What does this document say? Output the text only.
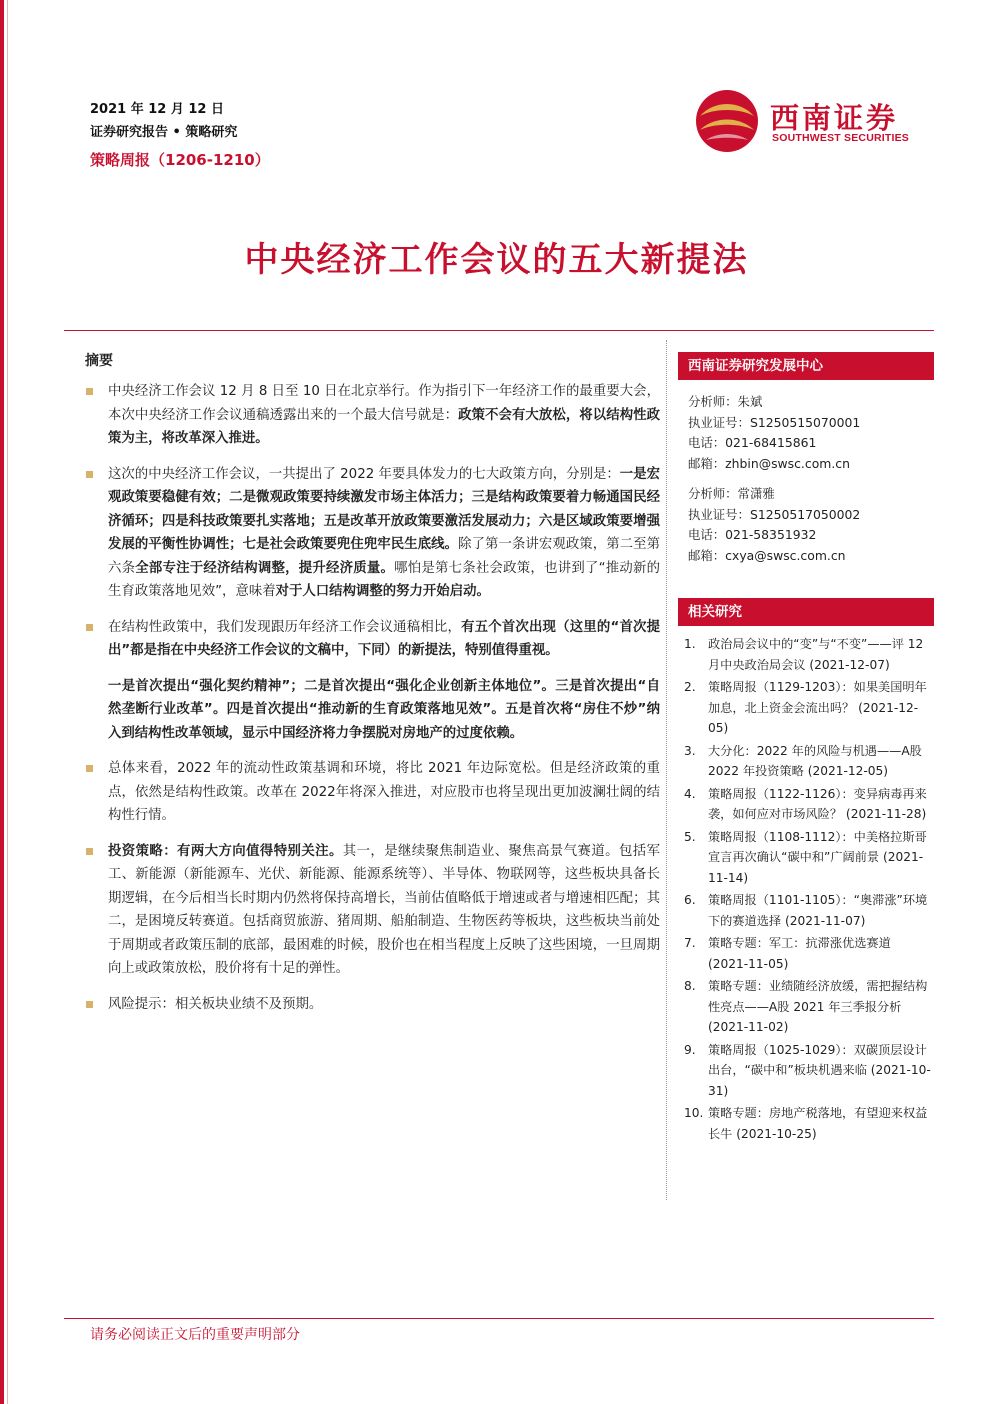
2021 年 12 月 12 日
证券研究报告 • 策略研究
策略周报（1206-1210）
西南证券
SOUTHWEST SECURITIES
中央经济工作会议的五大新提法
摘要
中央经济工作会议 12 月 8 日至 10 日在北京举行。作为指引下一年经济工作的最重要大会，本次中央经济工作会议通稿透露出来的一个最大信号就是：政策不会有大放松，将以结构性政策为主，将改革深入推进。
这次的中央经济工作会议，一共提出了 2022 年要具体发力的七大政策方向，分别是：一是宏观政策要稳健有效；二是微观政策要持续激发市场主体活力；三是结构政策要着力畅通国民经济循环；四是科技政策要扎实落地；五是改革开放政策要激活发展动力；六是区域政策要增强发展的平衡性协调性；七是社会政策要兜住兜牢民生底线。除了第一条讲宏观政策，第二至第六条全部专注于经济结构调整，提升经济质量。哪怕是第七条社会政策，也讲到了“推动新的生育政策落地见效”，意味着对于人口结构调整的努力开始启动。
在结构性政策中，我们发现跟历年经济工作会议通稿相比，有五个首次出现（这里的“首次提出”都是指在中央经济工作会议的文稿中，下同）的新提法，特别值得重视。
一是首次提出“强化契约精神”；二是首次提出“强化企业创新主体地位”。三是首次提出“自然垄断行业改革”。四是首次提出“推动新的生育政策落地见效”。五是首次将“房住不炒”纳入到结构性改革领域，显示中国经济将力争摆脱对房地产的过度依赖。
总体来看，2022 年的流动性政策基调和环境，将比 2021 年边际宽松。但是经济政策的重点，依然是结构性政策。改革在 2022年将深入推进，对应股市也将呈现出更加波澜壮阔的结构性行情。
投资策略：有两大方向值得特别关注。其一，是继续聚焦制造业、聚焦高景气赛道。包括军工、新能源（新能源车、光伏、新能源、能源系统等）、半导体、物联网等，这些板块具备长期逻辑，在今后相当长时期内仍然将保持高增长，当前估值略低于增速或者与增速相匹配；其二，是困境反转赛道。包括商贸旅游、猪周期、船舶制造、生物医药等板块，这些板块当前处于周期或者政策压制的底部，最困难的时候，股价也在相当程度上反映了这些困境，一旦周期向上或政策放松，股价将有十足的弹性。
风险提示：相关板块业绩不及预期。
西南证券研究发展中心
分析师：朱斌
执业证号：S1250515070001
电话：021-68415861
邮箱：zhbin@swsc.com.cn
分析师：常潇雅
执业证号：S1250517050002
电话：021-58351932
邮箱：cxya@swsc.com.cn
相关研究
1.	政治局会议中的“变”与“不变”——评 12月中央政治局会议 (2021-12-07)
2.	策略周报（1129-1203）：如果美国明年加息，北上资金会流出吗？ (2021-12-05)
3.	大分化：2022 年的风险与机遇——A股 2022 年投资策略 (2021-12-05)
4.	策略周报（1122-1126）：变异病毒再来袭，如何应对市场风险？ (2021-11-28)
5.	策略周报（1108-1112）：中美格拉斯哥宣言再次确认“碳中和”广阔前景 (2021-11-14)
6.	策略周报（1101-1105）：“奥滞涨”环境下的赛道选择 (2021-11-07)
7.	策略专题：军工：抗滞涨优选赛道 (2021-11-05)
8.	策略专题：业绩随经济放缓，需把握结构性亮点——A股 2021 年三季报分析 (2021-11-02)
9.	策略周报（1025-1029）：双碳顶层设计出台，“碳中和”板块机遇来临 (2021-10-31)
10. 策略专题：房地产税落地，有望迎来权益长牛 (2021-10-25)
请务必阅读正文后的重要声明部分
